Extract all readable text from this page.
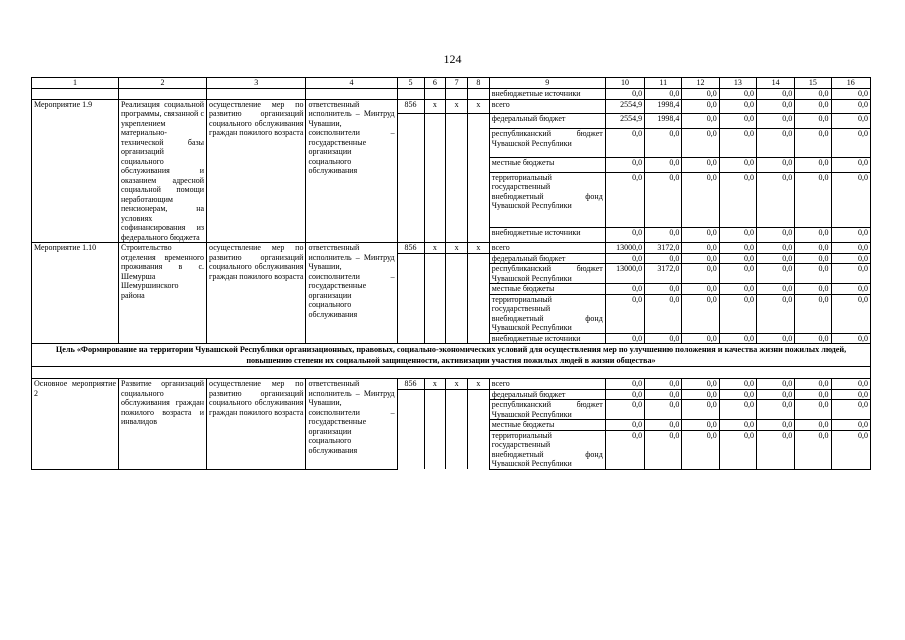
124
1	2	3	4	5	6	7	8	9	10	11	12	13	14	15	16
								внебюджетные источники	0,0	0,0	0,0	0,0	0,0	0,0	0,0
Мероприятие 1.9	Реализация социальной программы, связанной с укреплением материально-технической базы организаций социального обслуживания и оказанием адресной социальной помощи неработающим пенсионерам, на условиях софинансирования из федерального бюджета	осуществление мер по развитию организаций социального обслуживания граждан пожилого возраста	ответственный исполнитель – Минтруд Чувашии, соисполнители – государственные организации социального обслуживания	856	x	x	x	всего	2554,9	1998,4	0,0	0,0	0,0	0,0	0,0
								федеральный бюджет	2554,9	1998,4	0,0	0,0	0,0	0,0	0,0
								республиканский бюджет Чувашской Республики	0,0	0,0	0,0	0,0	0,0	0,0	0,0
								местные бюджеты	0,0	0,0	0,0	0,0	0,0	0,0	0,0
								территориальный государственный внебюджетный фонд Чувашской Республики	0,0	0,0	0,0	0,0	0,0	0,0	0,0
								внебюджетные источники	0,0	0,0	0,0	0,0	0,0	0,0	0,0
Мероприятие 1.10	Строительство отделения временного проживания в с. Шемурша Шемуршинского района	осуществление мер по развитию организаций социального обслуживания граждан пожилого возраста	ответственный исполнитель – Минтруд Чувашии, соисполнители – государственные организации социального обслуживания	856	x	x	x	всего	13000,0	3172,0	0,0	0,0	0,0	0,0	0,0
								федеральный бюджет	0,0	0,0	0,0	0,0	0,0	0,0	0,0
								республиканский бюджет Чувашской Республики	13000,0	3172,0	0,0	0,0	0,0	0,0	0,0
								местные бюджеты	0,0	0,0	0,0	0,0	0,0	0,0	0,0
								территориальный государственный внебюджетный фонд Чувашской Республики	0,0	0,0	0,0	0,0	0,0	0,0	0,0
								внебюджетные источники	0,0	0,0	0,0	0,0	0,0	0,0	0,0
Цель «Формирование на территории Чувашской Республики организационных, правовых, социально-экономических условий для осуществления мер по улучшению положения и качества жизни пожилых людей, повышению степени их социальной защищенности, активизации участия пожилых людей в жизни общества»															

Основное мероприятие 2	Развитие организаций социального обслуживания граждан пожилого возраста и инвалидов	осуществление мер по развитию организаций социального обслуживания граждан пожилого возраста	ответственный исполнитель – Минтруд Чувашии, соисполнители – государственные организации социального обслуживания	856	x	x	x	всего	0,0	0,0	0,0	0,0	0,0	0,0	0,0
								федеральный бюджет	0,0	0,0	0,0	0,0	0,0	0,0	0,0
								республиканский бюджет Чувашской Республики	0,0	0,0	0,0	0,0	0,0	0,0	0,0
								местные бюджеты	0,0	0,0	0,0	0,0	0,0	0,0	0,0
								территориальный государственный внебюджетный фонд Чувашской Республики	0,0	0,0	0,0	0,0	0,0	0,0	0,0
